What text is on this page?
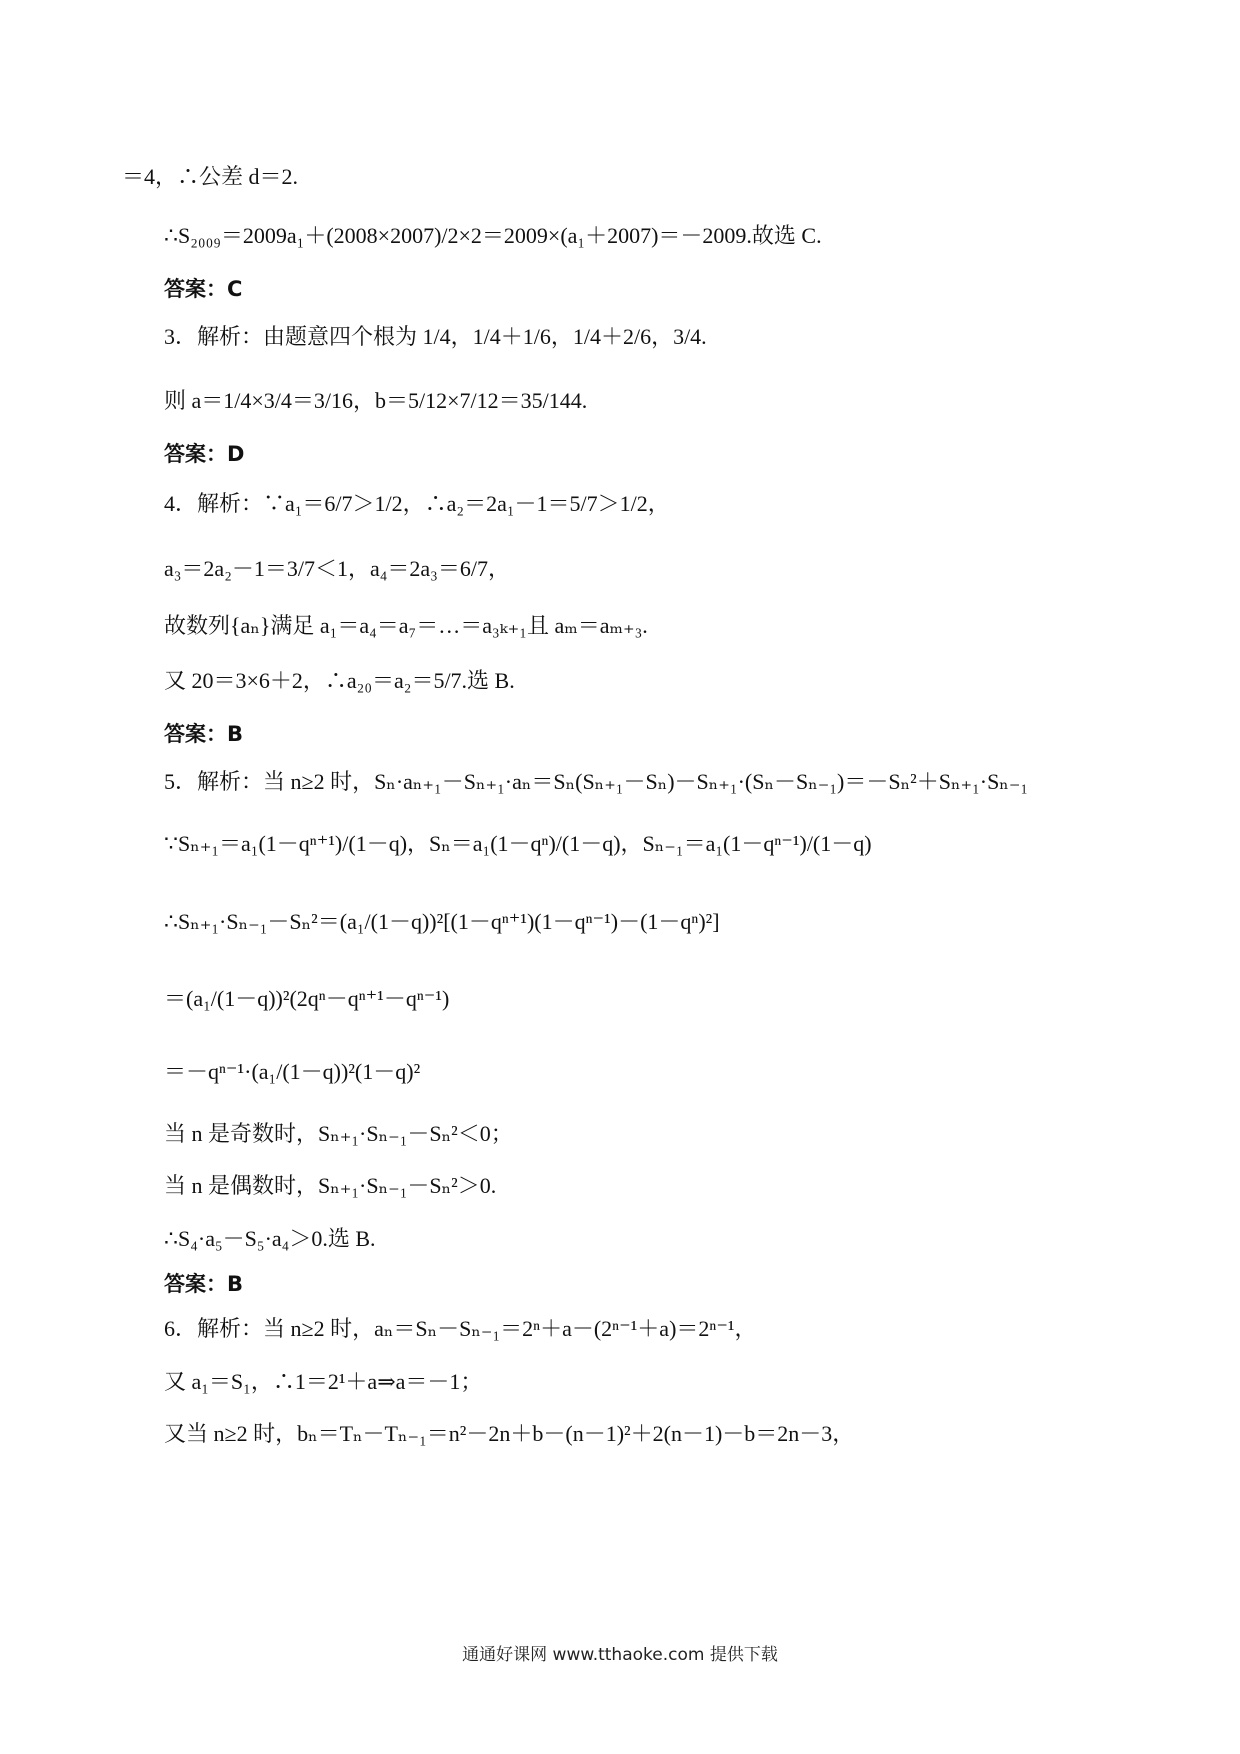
＝4，∴公差 d＝2.
∴S₂₀₀₉＝2009a₁＋(2008×2007)/2×2＝2009×(a₁＋2007)＝－2009.故选 C.
答案：C
3．解析：由题意四个根为 1/4，1/4＋1/6，1/4＋2/6，3/4.
则 a＝1/4×3/4＝3/16，b＝5/12×7/12＝35/144.
答案：D
4．解析：∵a₁＝6/7＞1/2，∴a₂＝2a₁－1＝5/7＞1/2，
a₃＝2a₂－1＝3/7＜1，a₄＝2a₃＝6/7，
故数列{aₙ}满足 a₁＝a₄＝a₇＝…＝a₃ₖ₊₁且 aₘ＝aₘ₊₃.
又 20＝3×6＋2，∴a₂₀＝a₂＝5/7.选 B.
答案：B
5．解析：当 n≥2 时，Sₙ·aₙ₊₁－Sₙ₊₁·aₙ＝Sₙ(Sₙ₊₁－Sₙ)－Sₙ₊₁·(Sₙ－Sₙ₋₁)＝－Sₙ²＋Sₙ₊₁·Sₙ₋₁
∵Sₙ₊₁＝a₁(1－qⁿ⁺¹)/(1－q)，Sₙ＝a₁(1－qⁿ)/(1－q)，Sₙ₋₁＝a₁(1－qⁿ⁻¹)/(1－q)
∴Sₙ₊₁·Sₙ₋₁－Sₙ²＝(a₁/(1－q))²[(1－qⁿ⁺¹)(1－qⁿ⁻¹)－(1－qⁿ)²]
＝(a₁/(1－q))²(2qⁿ－qⁿ⁺¹－qⁿ⁻¹)
＝－qⁿ⁻¹·(a₁/(1－q))²(1－q)²
当 n 是奇数时，Sₙ₊₁·Sₙ₋₁－Sₙ²＜0；
当 n 是偶数时，Sₙ₊₁·Sₙ₋₁－Sₙ²＞0.
∴S₄·a₅－S₅·a₄＞0.选 B.
答案：B
6．解析：当 n≥2 时，aₙ＝Sₙ－Sₙ₋₁＝2ⁿ＋a－(2ⁿ⁻¹＋a)＝2ⁿ⁻¹，
又 a₁＝S₁，∴1＝2¹＋a⇒a＝－1；
又当 n≥2 时，bₙ＝Tₙ－Tₙ₋₁＝n²－2n＋b－(n－1)²＋2(n－1)－b＝2n－3，
通通好课网 www.tthaoke.com 提供下载
